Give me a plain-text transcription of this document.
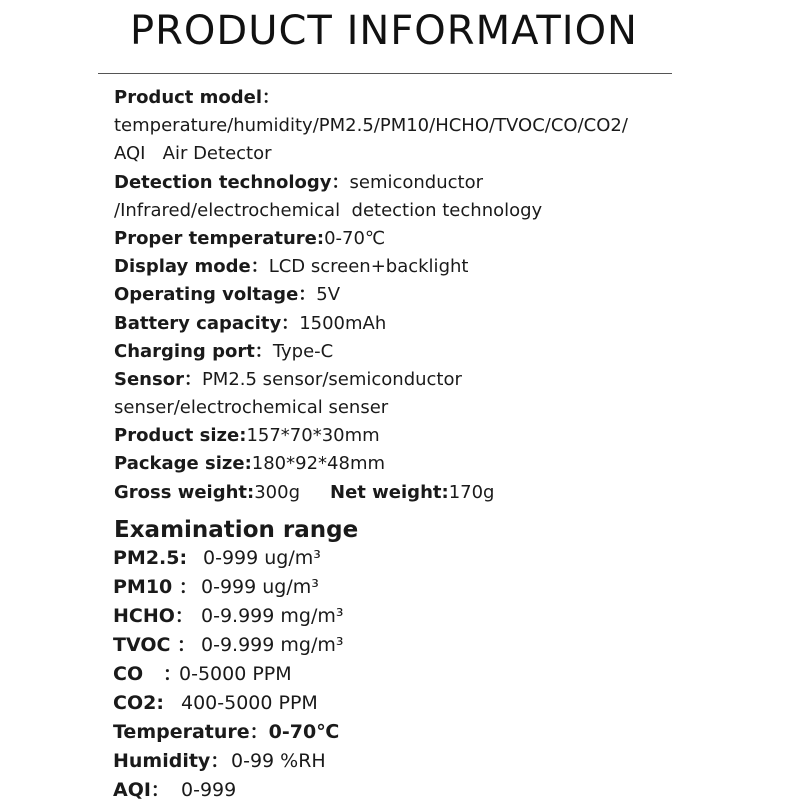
PRODUCT INFORMATION
Product model：
temperature/humidity/PM2.5/PM10/HCHO/TVOC/CO/CO2/
AQI   Air Detector
Detection technology：semiconductor
/Infrared/electrochemical  detection technology
Proper temperature:0-70℃
Display mode：LCD screen+backlight
Operating voltage：5V
Battery capacity：1500mAh
Charging port：Type-C
Sensor：PM2.5 sensor/semiconductor
senser/electrochemical senser
Product size:157*70*30mm
Package size:180*92*48mm
Gross weight:300g Net weight:170g
Examination range
PM2.5: 0-999 ug/m³
PM10 ： 0-999 ug/m³
HCHO： 0-9.999 mg/m³
TVOC ： 0-9.999 mg/m³
CO   ：0-5000 PPM
CO2: 400-5000 PPM
Temperature：0-70℃
Humidity：0-99 %RH
AQI： 0-999
